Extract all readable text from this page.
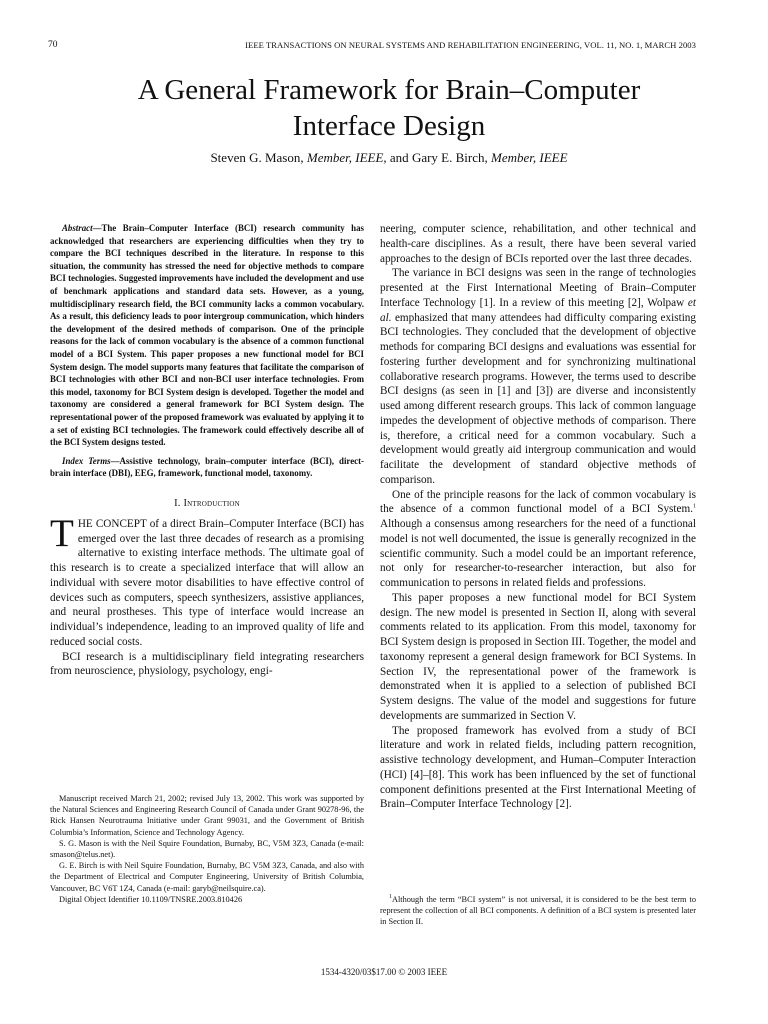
70	IEEE TRANSACTIONS ON NEURAL SYSTEMS AND REHABILITATION ENGINEERING, VOL. 11, NO. 1, MARCH 2003
A General Framework for Brain–Computer
Interface Design
Steven G. Mason, Member, IEEE, and Gary E. Birch, Member, IEEE

Abstract—The Brain–Computer Interface (BCI) research community has acknowledged that researchers are experiencing difficulties when they try to compare the BCI techniques described in the literature. In response to this situation, the community has stressed the need for objective methods to compare BCI technologies. Suggested improvements have included the development and use of benchmark applications and standard data sets. However, as a young, multidisciplinary research field, the BCI community lacks a common vocabulary. As a result, this deficiency leads to poor intergroup communication, which hinders the development of the desired methods of comparison. One of the principle reasons for the lack of common vocabulary is the absence of a common functional model of a BCI System. This paper proposes a new functional model for BCI System design. The model supports many features that facilitate the comparison of BCI technologies with other BCI and non-BCI user interface technologies. From this model, taxonomy for BCI System design is developed. Together the model and taxonomy are considered a general framework for BCI System design. The representational power of the proposed framework was evaluated by applying it to a set of existing BCI technologies. The framework could effectively describe all of the BCI System designs tested.

Index Terms—Assistive technology, brain–computer interface (BCI), direct-brain interface (DBI), EEG, framework, functional model, taxonomy.

I. Introduction

THE CONCEPT of a direct Brain–Computer Interface (BCI) has emerged over the last three decades of research as a promising alternative to existing interface methods. The ultimate goal of this research is to create a specialized interface that will allow an individual with severe motor disabilities to have effective control of devices such as computers, speech synthesizers, assistive appliances, and neural prostheses. This type of interface would increase an individual’s independence, leading to an improved quality of life and reduced social costs.

BCI research is a multidisciplinary field integrating researchers from neuroscience, physiology, psychology, engi-

Manuscript received March 21, 2002; revised July 13, 2002. This work was supported by the Natural Sciences and Engineering Research Council of Canada under Grant 90278-96, the Rick Hansen Neurotrauma Initiative under Grant 99031, and the Government of British Columbia’s Information, Science and Technology Agency.

S. G. Mason is with the Neil Squire Foundation, Burnaby, BC, V5M 3Z3, Canada (e-mail: smason@telus.net).

G. E. Birch is with Neil Squire Foundation, Burnaby, BC V5M 3Z3, Canada, and also with the Department of Electrical and Computer Engineering, University of British Columbia, Vancouver, BC V6T 1Z4, Canada (e-mail: garyb@neilsquire.ca).

Digital Object Identifier 10.1109/TNSRE.2003.810426

neering, computer science, rehabilitation, and other technical and health-care disciplines. As a result, there have been several varied approaches to the design of BCIs reported over the last three decades.

The variance in BCI designs was seen in the range of technologies presented at the First International Meeting of Brain–Computer Interface Technology [1]. In a review of this meeting [2], Wolpaw et al. emphasized that many attendees had difficulty comparing existing BCI technologies. They concluded that the development of objective methods for comparing BCI designs and evaluations was essential for fostering further development and for synchronizing multinational collaborative research programs. However, the terms used to describe BCI designs (as seen in [1] and [3]) are diverse and inconsistently used among different research groups. This lack of common language impedes the development of objective methods of comparison. There is, therefore, a critical need for a common vocabulary. Such a development would greatly aid intergroup communication and would facilitate the development of standard objective methods of comparison.

One of the principle reasons for the lack of common vocabulary is the absence of a common functional model of a BCI System.$^1$ Although a consensus among researchers for the need of a functional model is not well documented, the issue is generally recognized in the scientific community. Such a model could be an important reference, not only for researcher-to-researcher interaction, but also for communication to persons in related fields and professions.

This paper proposes a new functional model for BCI System design. The new model is presented in Section II, along with several comments related to its application. From this model, taxonomy for BCI System design is proposed in Section III. Together, the model and taxonomy represent a general design framework for BCI Systems. In Section IV, the representational power of the framework is demonstrated when it is applied to a selection of published BCI System designs. The value of the model and suggestions for future developments are summarized in Section V.

The proposed framework has evolved from a study of BCI literature and work in related fields, including pattern recognition, assistive technology development, and Human–Computer Interaction (HCI) [4]–[8]. This work has been influenced by the set of functional component definitions presented at the First International Meeting of Brain–Computer Interface Technology [2].

$^1$Although the term “BCI system” is not universal, it is considered to be the best term to represent the collection of all BCI components. A definition of a BCI system is presented later in Section II.

1534-4320/03$17.00 © 2003 IEEE
